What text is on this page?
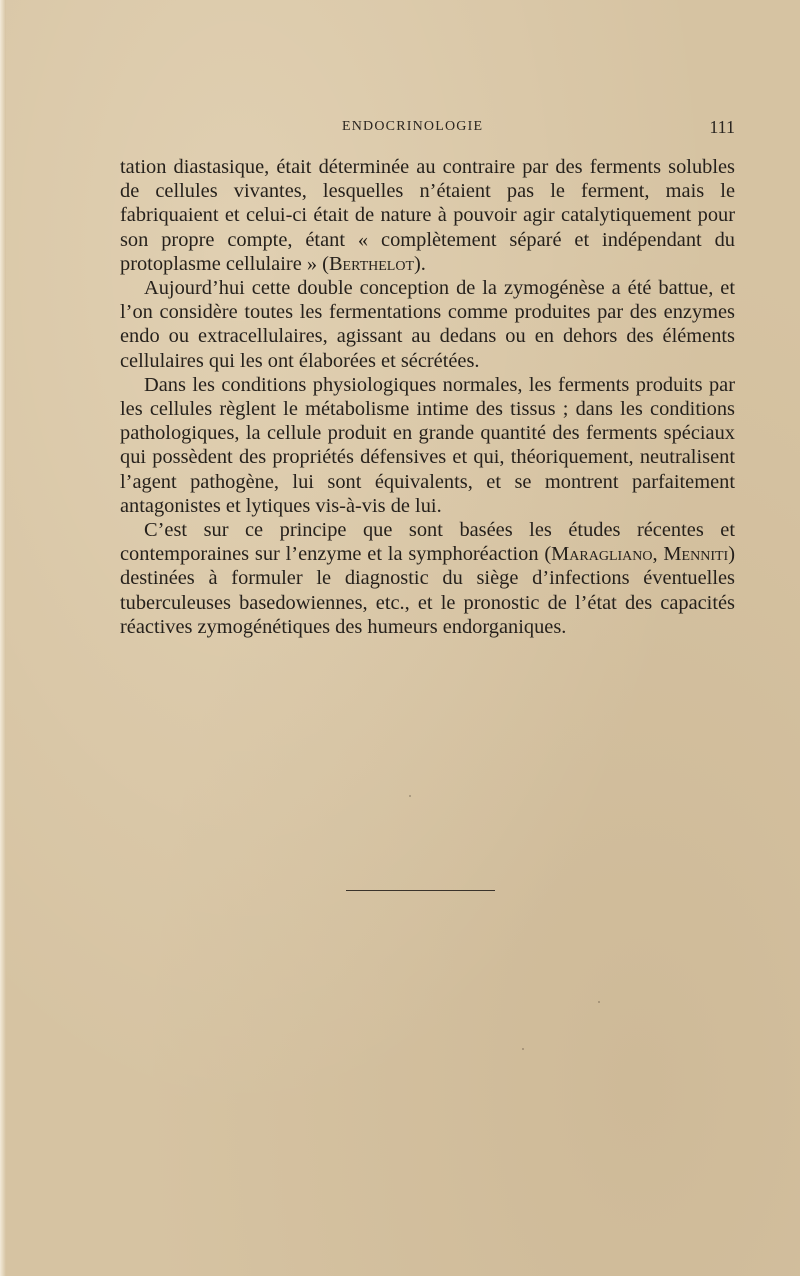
ENDOCRINOLOGIE	111

tation diastasique, était déterminée au contraire par des ferments solubles de cellules vivantes, lesquelles n’étaient pas le ferment, mais le fabriquaient et celui-ci était de nature à pouvoir agir catalytiquement pour son propre compte, étant « complètement séparé et indépendant du protoplasme cellulaire » (Berthelot).

Aujourd’hui cette double conception de la zymogénèse a été battue, et l’on considère toutes les fermentations comme produites par des enzymes endo ou extracellulaires, agissant au dedans ou en dehors des éléments cellulaires qui les ont élaborées et sécrétées.

Dans les conditions physiologiques normales, les ferments produits par les cellules règlent le métabolisme intime des tissus ; dans les conditions pathologiques, la cellule produit en grande quantité des ferments spéciaux qui possèdent des propriétés défensives et qui, théoriquement, neutralisent l’agent pathogène, lui sont équivalents, et se montrent parfaitement antagonistes et lytiques vis-à-vis de lui.

C’est sur ce principe que sont basées les études récentes et contemporaines sur l’enzyme et la symphoréaction (Maragliano, Menniti) destinées à formuler le diagnostic du siège d’infections éventuelles tuberculeuses basedowiennes, etc., et le pronostic de l’état des capacités réactives zymogénétiques des humeurs endorganiques.
